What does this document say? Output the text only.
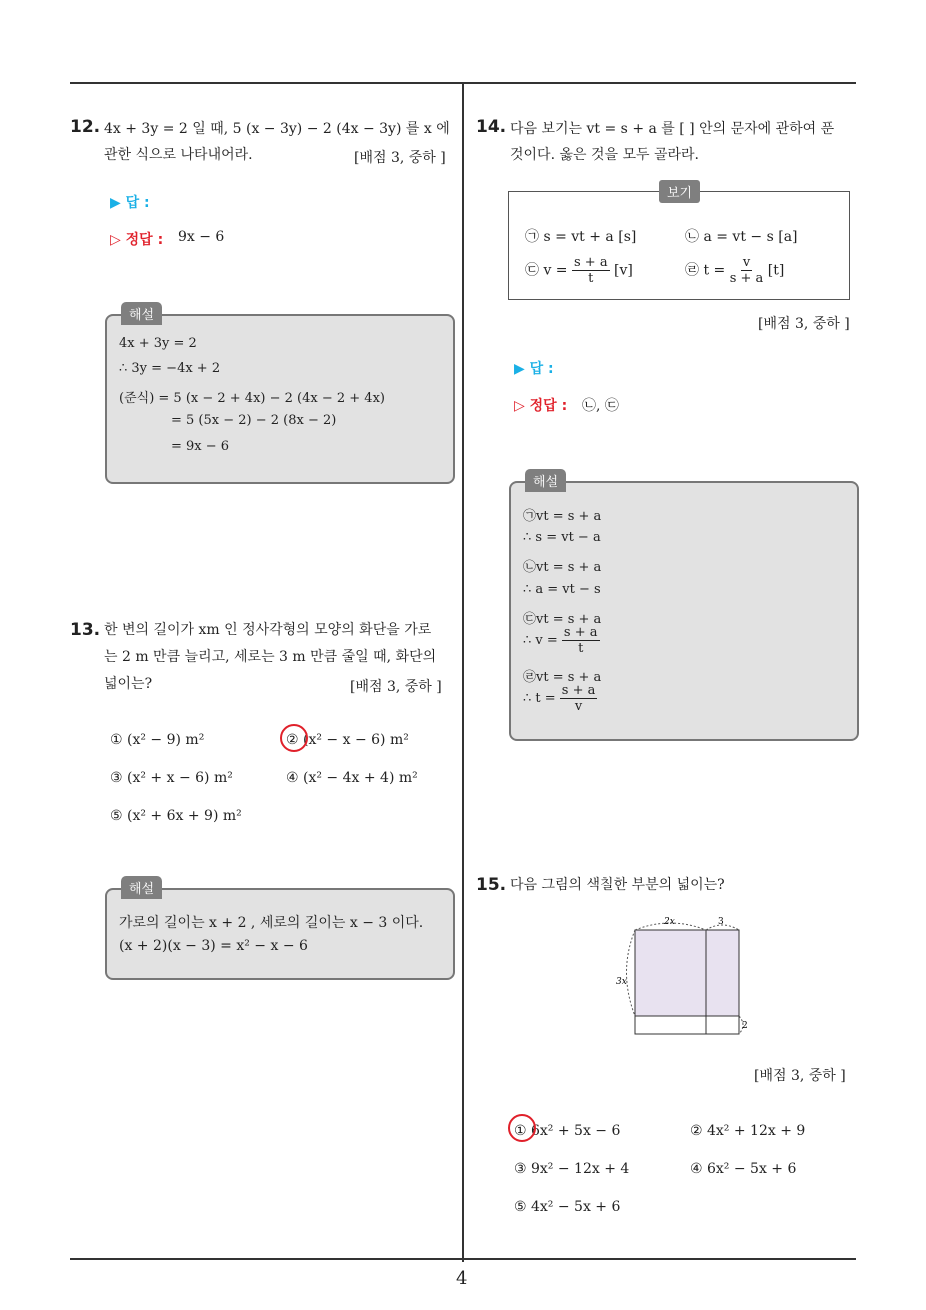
4
12. 4x + 3y = 2 일 때, 5 (x − 3y) − 2 (4x − 3y) 를 x 에
관한 식으로 나타내어라.	[배점 3, 중하 ]
▶ 답 :
▷ 정답 : 9x − 6
해설
4x + 3y = 2
∴ 3y = −4x + 2
(준식) = 5 (x − 2 + 4x) − 2 (4x − 2 + 4x)
= 5 (5x − 2) − 2 (8x − 2)
= 9x − 6
13. 한 변의 길이가 xm 인 정사각형의 모양의 화단을 가로
는 2 m 만큼 늘리고, 세로는 3 m 만큼 줄일 때, 화단의
넓이는?	[배점 3, 중하 ]
① (x² − 9) m²	② (x² − x − 6) m²
③ (x² + x − 6) m²	④ (x² − 4x + 4) m²
⑤ (x² + 6x + 9) m²
해설
가로의 길이는 x + 2 , 세로의 길이는 x − 3 이다.
(x + 2)(x − 3) = x² − x − 6
14. 다음 보기는 vt = s + a 를 [ ] 안의 문자에 관하여 푼
것이다. 옳은 것을 모두 골라라.
보기
㉠ s = vt + a [s]	㉡ a = vt − s [a]
㉢ $v = \frac{s + a}{t} [v]$	㉣ $t = \frac{v}{s + a} [t]$
[배점 3, 중하 ]
▶ 답 :
▷ 정답 : ㉡, ㉢
해설
㉠vt = s + a
∴ s = vt − a
㉡vt = s + a
∴ a = vt − s
㉢vt = s + a
∴ $v = \frac{s + a}{t}$
㉣vt = s + a
∴ $t = \frac{s + a}{v}$
15. 다음 그림의 색칠한 부분의 넓이는?
2x	3
3x
2
[배점 3, 중하 ]
① 6x² + 5x − 6	② 4x² + 12x + 9
③ 9x² − 12x + 4	④ 6x² − 5x + 6
⑤ 4x² − 5x + 6
